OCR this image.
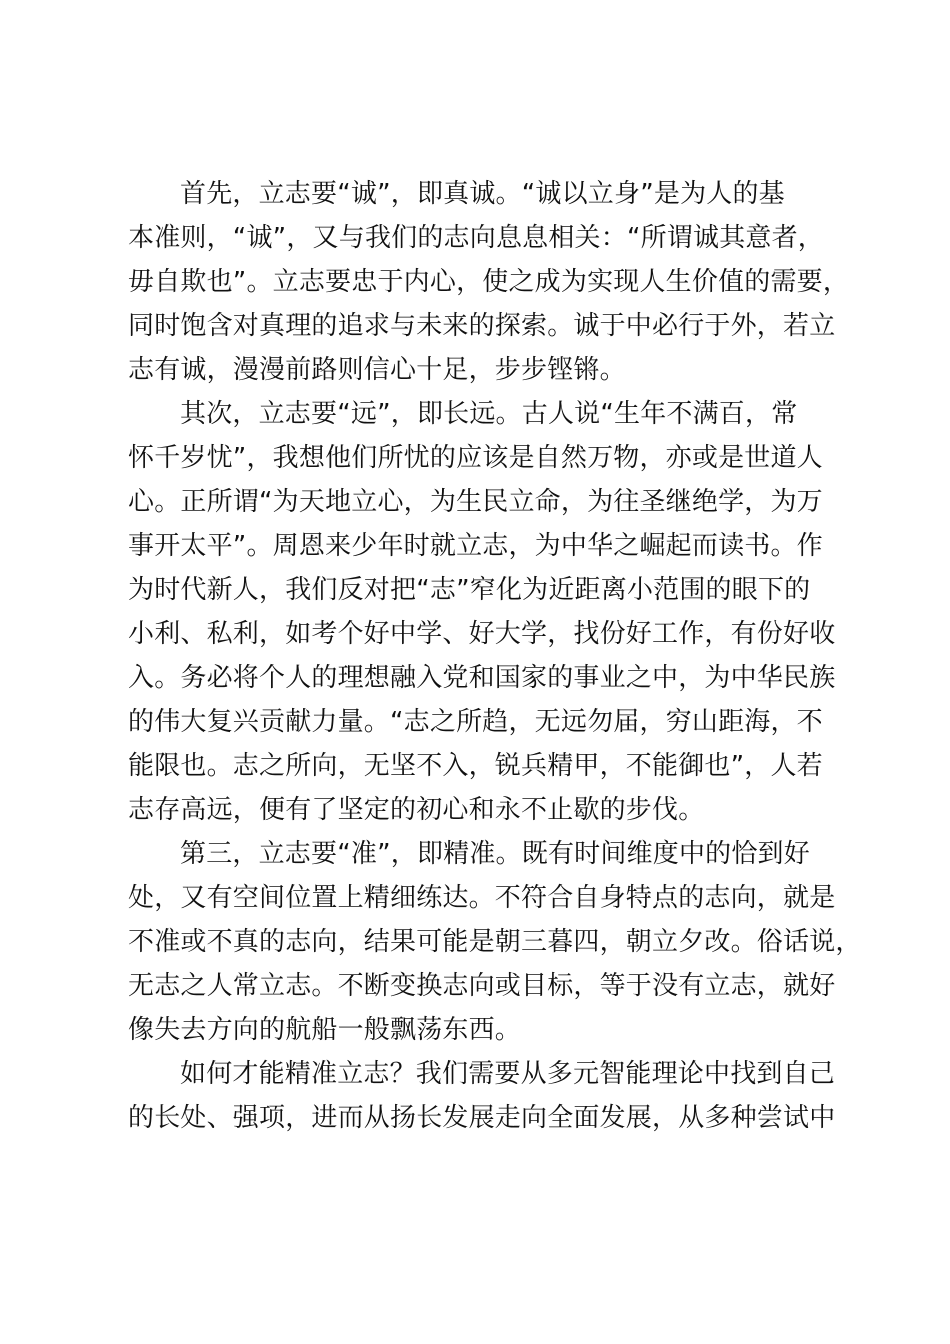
首先，立志要“诚”，即真诚。“诚以立身”是为人的基
本准则，“诚”，又与我们的志向息息相关：“所谓诚其意者，
毋自欺也”。立志要忠于内心，使之成为实现人生价值的需要，
同时饱含对真理的追求与未来的探索。诚于中必行于外，若立
志有诚，漫漫前路则信心十足，步步铿锵。
其次，立志要“远”，即长远。古人说“生年不满百，常
怀千岁忧”，我想他们所忧的应该是自然万物，亦或是世道人
心。正所谓“为天地立心，为生民立命，为往圣继绝学，为万
事开太平”。周恩来少年时就立志，为中华之崛起而读书。作
为时代新人，我们反对把“志”窄化为近距离小范围的眼下的
小利、私利，如考个好中学、好大学，找份好工作，有份好收
入。务必将个人的理想融入党和国家的事业之中，为中华民族
的伟大复兴贡献力量。“志之所趋，无远勿届，穷山距海，不
能限也。志之所向，无坚不入，锐兵精甲，不能御也”，人若
志存高远，便有了坚定的初心和永不止歇的步伐。
第三，立志要“准”，即精准。既有时间维度中的恰到好
处，又有空间位置上精细练达。不符合自身特点的志向，就是
不准或不真的志向，结果可能是朝三暮四，朝立夕改。俗话说，
无志之人常立志。不断变换志向或目标，等于没有立志，就好
像失去方向的航船一般飘荡东西。
如何才能精准立志？我们需要从多元智能理论中找到自己
的长处、强项，进而从扬长发展走向全面发展，从多种尝试中
